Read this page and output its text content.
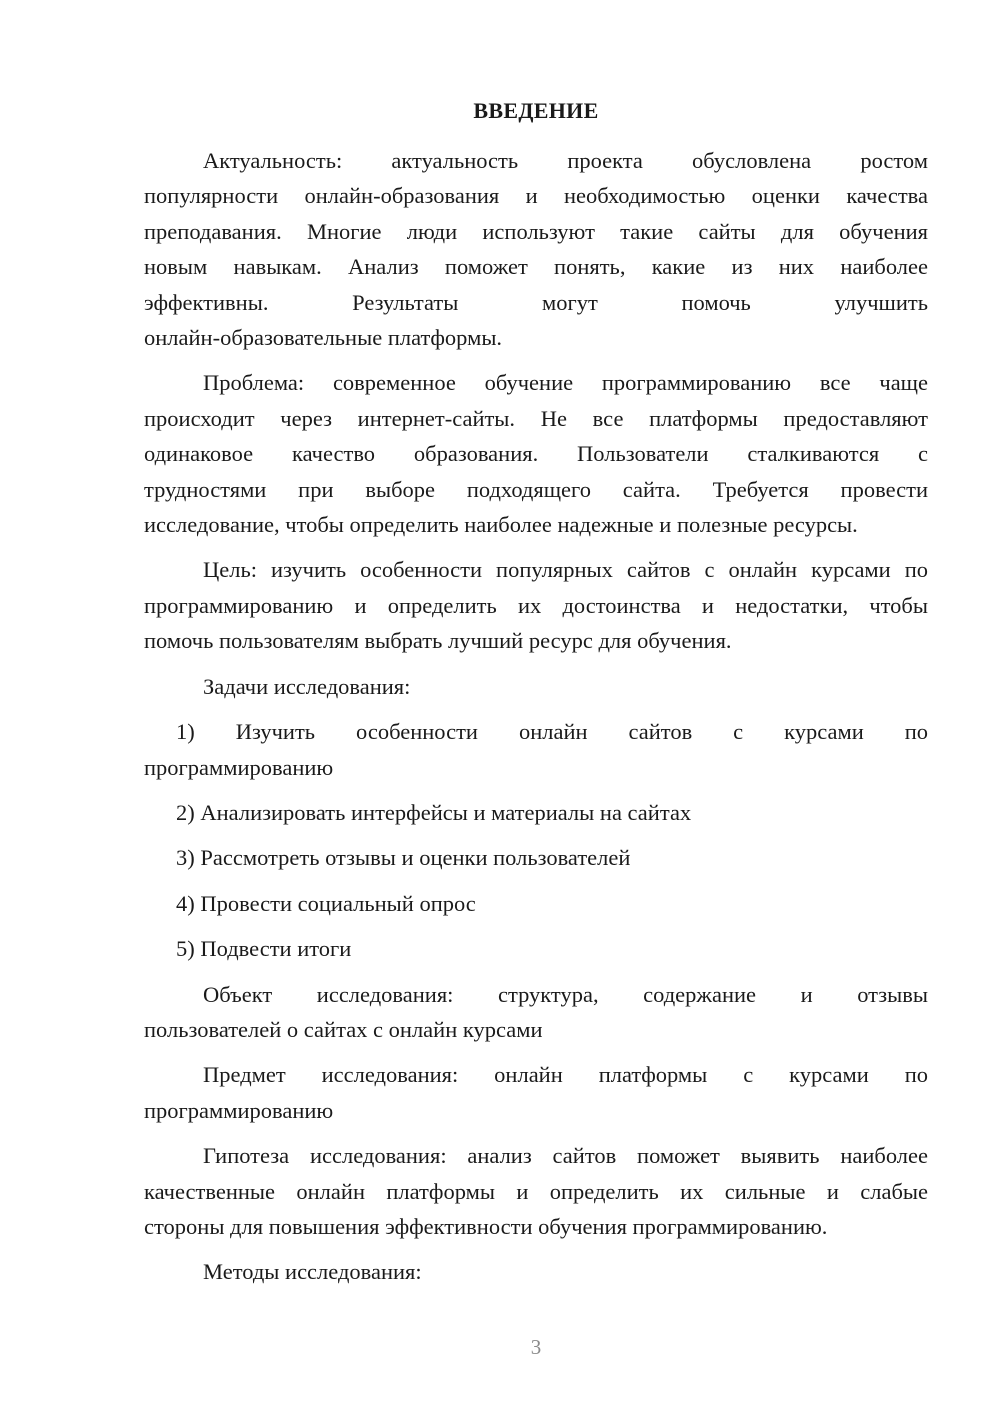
ВВЕДЕНИЕ
Актуальность: актуальность проекта обусловлена ростом
популярности онлайн-образования и необходимостью оценки качества
преподавания. Многие люди используют такие сайты для обучения
новым навыкам. Анализ поможет понять, какие из них наиболее
эффективны. Результаты могут помочь улучшить
онлайн-образовательные платформы.
Проблема: современное обучение программированию все чаще
происходит через интернет-сайты. Не все платформы предоставляют
одинаковое качество образования. Пользователи сталкиваются с
трудностями при выборе подходящего сайта. Требуется провести
исследование, чтобы определить наиболее надежные и полезные ресурсы.
Цель: изучить особенности популярных сайтов с онлайн курсами по
программированию и определить их достоинства и недостатки, чтобы
помочь пользователям выбрать лучший ресурс для обучения.
Задачи исследования:
1) Изучить особенности онлайн сайтов с курсами по
программированию
2) Анализировать интерфейсы и материалы на сайтах
3) Рассмотреть отзывы и оценки пользователей
4) Провести социальный опрос
5) Подвести итоги
Объект исследования: структура, содержание и отзывы
пользователей о сайтах с онлайн курсами
Предмет исследования: онлайн платформы с курсами по
программированию
Гипотеза исследования: анализ сайтов поможет выявить наиболее
качественные онлайн платформы и определить их сильные и слабые
стороны для повышения эффективности обучения программированию.
Методы исследования:
3
